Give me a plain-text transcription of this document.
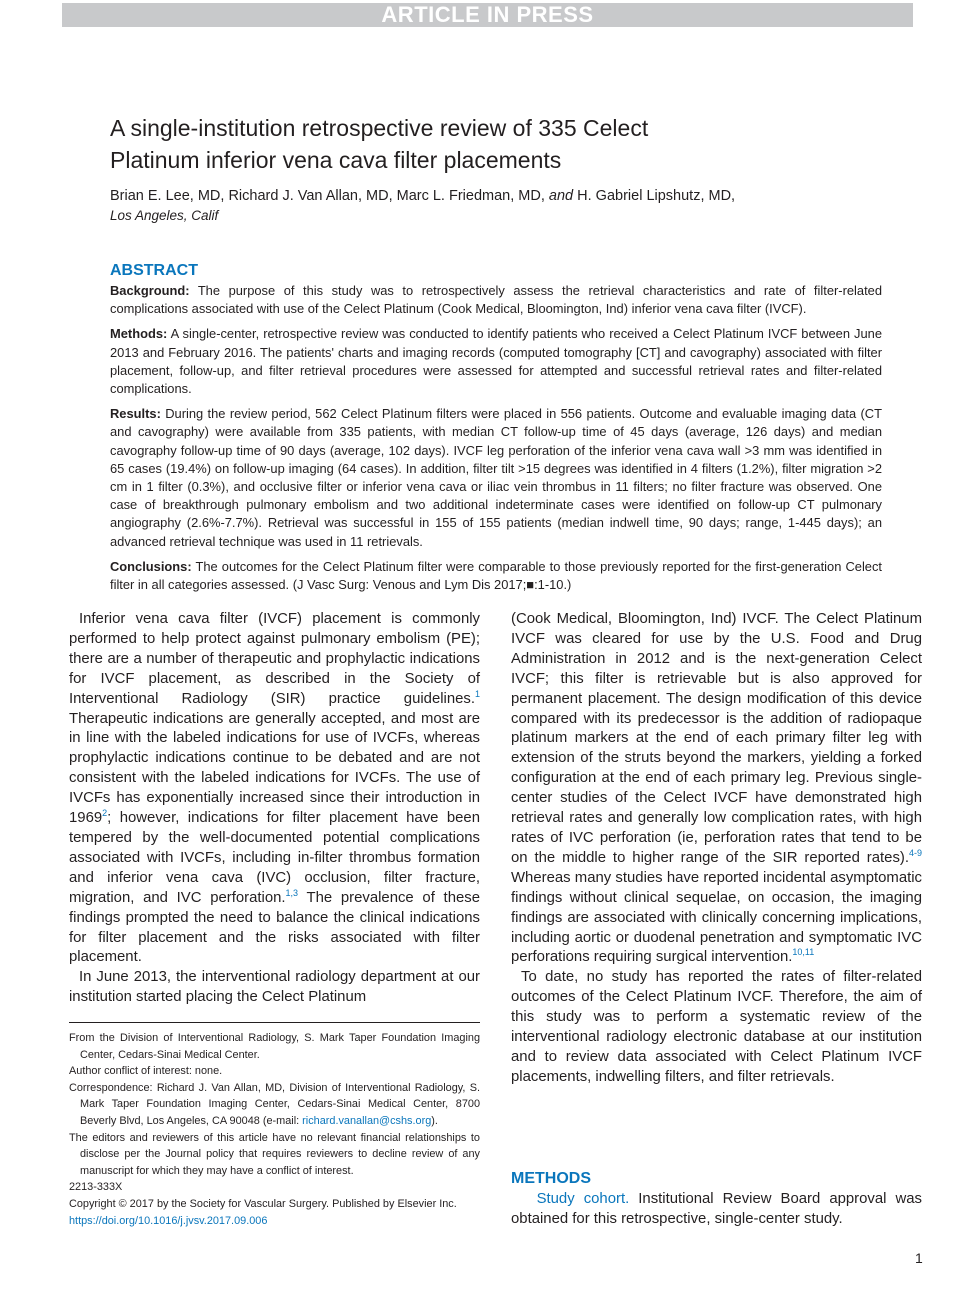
ARTICLE IN PRESS
A single-institution retrospective review of 335 Celect
Platinum inferior vena cava filter placements
Brian E. Lee, MD, Richard J. Van Allan, MD, Marc L. Friedman, MD, and H. Gabriel Lipshutz, MD,
Los Angeles, Calif
ABSTRACT

Background: The purpose of this study was to retrospectively assess the retrieval characteristics and rate of filter-related complications associated with use of the Celect Platinum (Cook Medical, Bloomington, Ind) inferior vena cava filter (IVCF).

Methods: A single-center, retrospective review was conducted to identify patients who received a Celect Platinum IVCF between June 2013 and February 2016. The patients' charts and imaging records (computed tomography [CT] and cavography) associated with filter placement, follow-up, and filter retrieval procedures were assessed for attempted and successful retrieval rates and filter-related complications.

Results: During the review period, 562 Celect Platinum filters were placed in 556 patients. Outcome and evaluable imaging data (CT and cavography) were available from 335 patients, with median CT follow-up time of 45 days (average, 126 days) and median cavography follow-up time of 90 days (average, 102 days). IVCF leg perforation of the inferior vena cava wall >3 mm was identified in 65 cases (19.4%) on follow-up imaging (64 cases). In addition, filter tilt >15 degrees was identified in 4 filters (1.2%), filter migration >2 cm in 1 filter (0.3%), and occlusive filter or inferior vena cava or iliac vein thrombus in 11 filters; no filter fracture was observed. One case of breakthrough pulmonary embolism and two additional indeterminate cases were identified on follow-up CT pulmonary angiography (2.6%-7.7%). Retrieval was successful in 155 of 155 patients (median indwell time, 90 days; range, 1-445 days); an advanced retrieval technique was used in 11 retrievals.

Conclusions: The outcomes for the Celect Platinum filter were comparable to those previously reported for the first-generation Celect filter in all categories assessed. (J Vasc Surg: Venous and Lym Dis 2017;■:1-10.)

Inferior vena cava filter (IVCF) placement is commonly performed to help protect against pulmonary embolism (PE); there are a number of therapeutic and prophylactic indications for IVCF placement, as described in the Society of Interventional Radiology (SIR) practice guidelines.$^1$ Therapeutic indications are generally accepted, and most are in line with the labeled indications for use of IVCFs, whereas prophylactic indications continue to be debated and are not consistent with the labeled indications for IVCFs. The use of IVCFs has exponentially increased since their introduction in 1969$^2$; however, indications for filter placement have been tempered by the well-documented potential complications associated with IVCFs, including in-filter thrombus formation and inferior vena cava (IVC) occlusion, filter fracture, migration, and IVC perforation.$^{1,3}$ The prevalence of these findings prompted the need to balance the clinical indications for filter placement and the risks associated with filter placement.

In June 2013, the interventional radiology department at our institution started placing the Celect Platinum

From the Division of Interventional Radiology, S. Mark Taper Foundation Imaging Center, Cedars-Sinai Medical Center.

Author conflict of interest: none.

Correspondence: Richard J. Van Allan, MD, Division of Interventional Radiology, S. Mark Taper Foundation Imaging Center, Cedars-Sinai Medical Center, 8700 Beverly Blvd, Los Angeles, CA 90048 (e-mail: richard.vanallan@cshs.org).

The editors and reviewers of this article have no relevant financial relationships to disclose per the Journal policy that requires reviewers to decline review of any manuscript for which they may have a conflict of interest.

2213-333X

Copyright © 2017 by the Society for Vascular Surgery. Published by Elsevier Inc.

https://doi.org/10.1016/j.jvsv.2017.09.006

(Cook Medical, Bloomington, Ind) IVCF. The Celect Platinum IVCF was cleared for use by the U.S. Food and Drug Administration in 2012 and is the next-generation Celect IVCF; this filter is retrievable but is also approved for permanent placement. The design modification of this device compared with its predecessor is the addition of radiopaque platinum markers at the end of each primary filter leg with extension of the struts beyond the markers, yielding a forked configuration at the end of each primary leg. Previous single-center studies of the Celect IVCF have demonstrated high retrieval rates and generally low complication rates, with high rates of IVC perforation (ie, perforation rates that tend to be on the middle to higher range of the SIR reported rates).$^{4-9}$ Whereas many studies have reported incidental asymptomatic findings without clinical sequelae, on occasion, the imaging findings are associated with clinically concerning implications, including aortic or duodenal penetration and symptomatic IVC perforations requiring surgical intervention.$^{10,11}$

To date, no study has reported the rates of filter-related outcomes of the Celect Platinum IVCF. Therefore, the aim of this study was to perform a systematic review of the interventional radiology electronic database at our institution and to review data associated with Celect Platinum IVCF placements, indwelling filters, and filter retrievals.

METHODS
   Study cohort. Institutional Review Board approval was obtained for this retrospective, single-center study.
1
